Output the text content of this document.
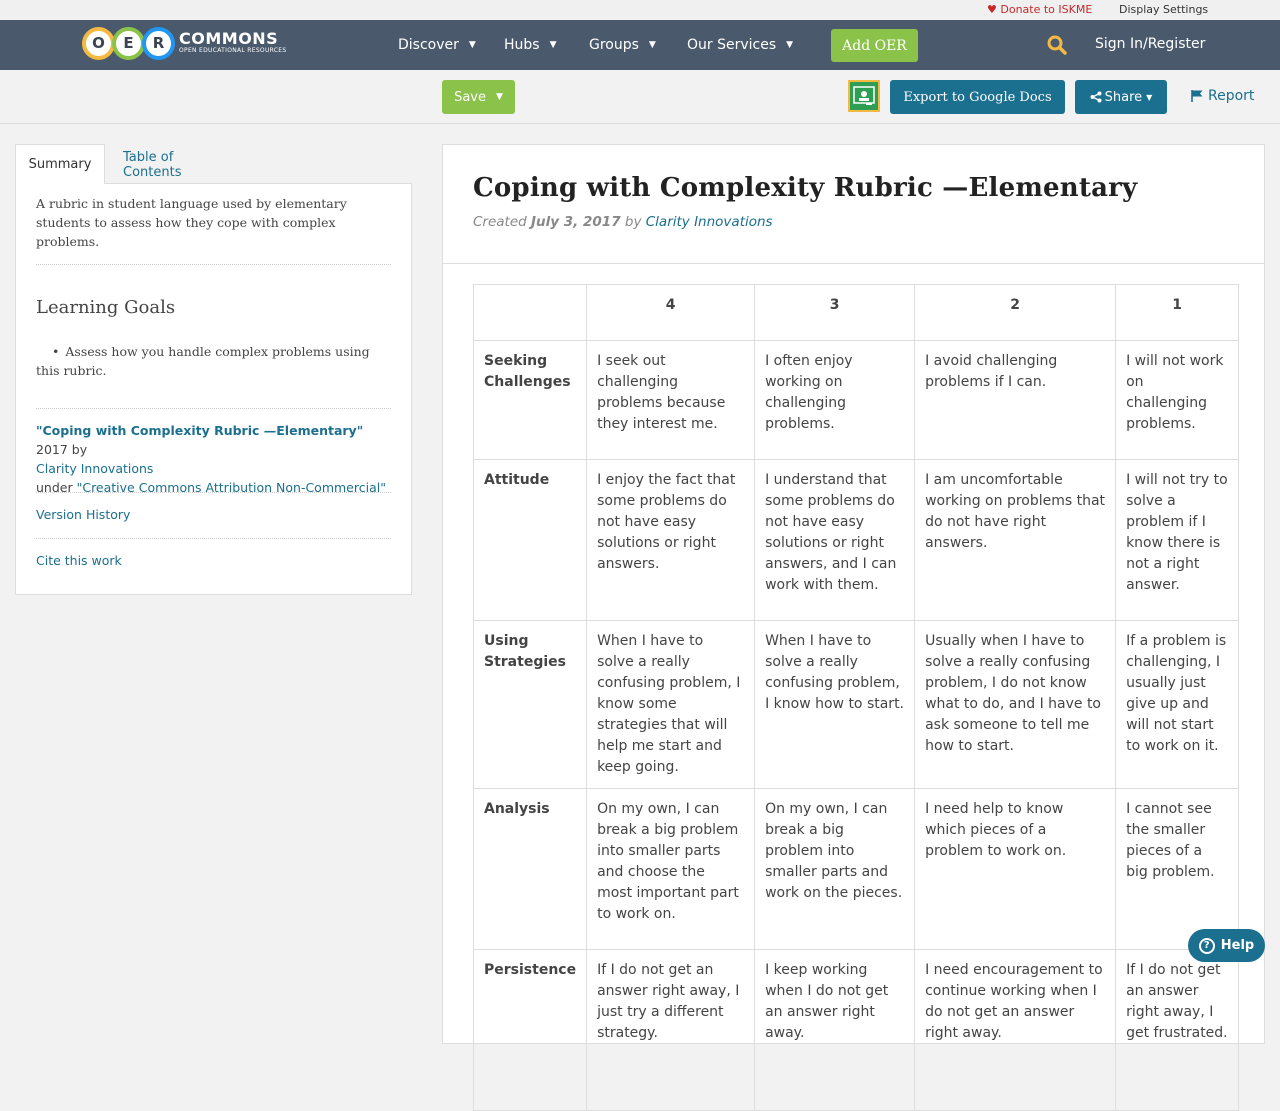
♥ Donate to ISKME Display Settings
O	E	R COMMONS
OPEN EDUCATIONAL RESOURCES	Discover ▼ Hubs ▼ Groups ▼ Our Services ▼	Add OER	Sign In/Register
Save ▼	Export to Google Docs	Share ▼	Report
Summary	Table of Contents
A rubric in student language used by elementary students to assess how they cope with complex problems.
Learning Goals
• Assess how you handle complex problems using this rubric.
"Coping with Complexity Rubric —Elementary" 2017 by
Clarity Innovations
under "Creative Commons Attribution Non-Commercial"
Version History
Cite this work
Coping with Complexity Rubric —Elementary
Created July 3, 2017 by Clarity Innovations
	4	3	2	1
Seeking Challenges	I seek out challenging problems because they interest me.	I often enjoy working on challenging problems.	I avoid challenging problems if I can.	I will not work on challenging problems.
Attitude	I enjoy the fact that some problems do not have easy solutions or right answers.	I understand that some problems do not have easy solutions or right answers, and I can work with them.	I am uncomfortable working on problems that do not have right answers.	I will not try to solve a problem if I know there is not a right answer.
Using Strategies	When I have to solve a really confusing problem, I know some strategies that will help me start and keep going.	When I have to solve a really confusing problem, I know how to start.	Usually when I have to solve a really confusing problem, I do not know what to do, and I have to ask someone to tell me how to start.	If a problem is challenging, I usually just give up and will not start to work on it.
Analysis	On my own, I can break a big problem into smaller parts and choose the most important part to work on.	On my own, I can break a big problem into smaller parts and work on the pieces.	I need help to know which pieces of a problem to work on.	I cannot see the smaller pieces of a big problem.
Persistence	If I do not get an answer right away, I just try a different strategy.	I keep working when I do not get an answer right away.	I need encouragement to continue working when I do not get an answer right away.	If I do not get an answer right away, I get frustrated.
? Help
